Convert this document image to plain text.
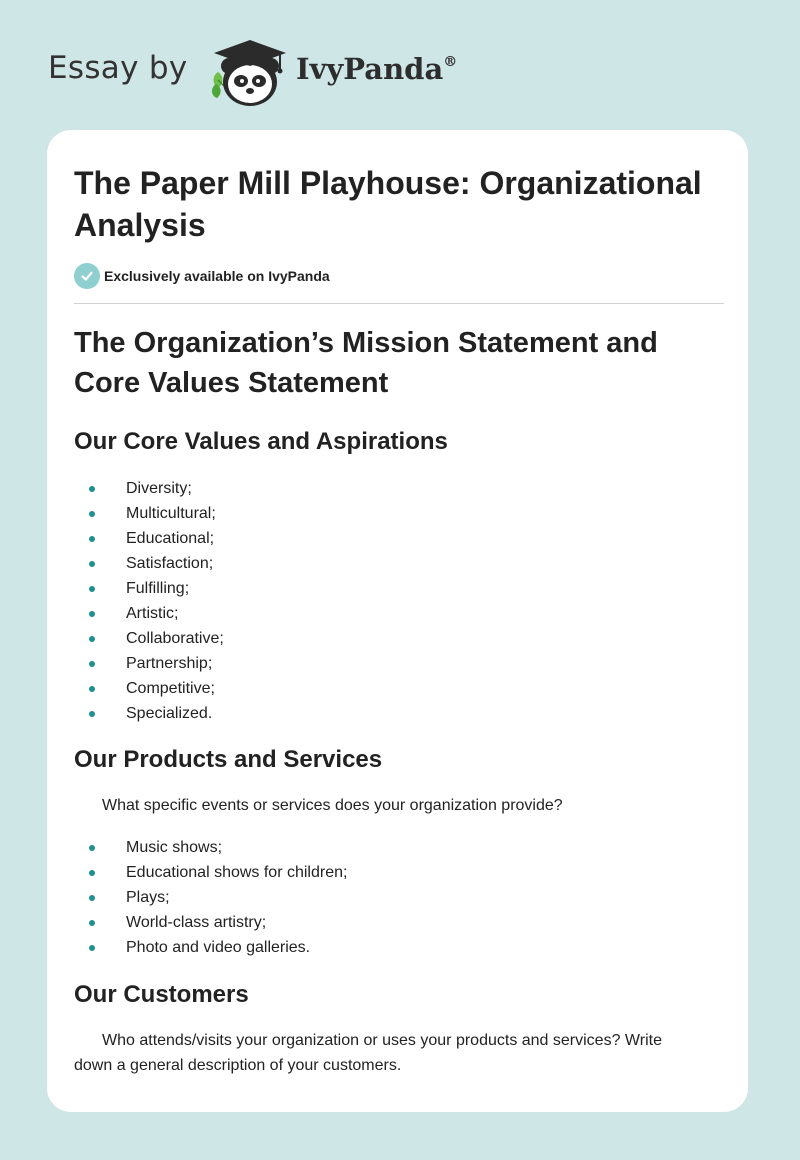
Essay by	IvyPanda®
The Paper Mill Playhouse: Organizational Analysis
Exclusively available on IvyPanda
The Organization’s Mission Statement and Core Values Statement
Our Core Values and Aspirations
Diversity;
Multicultural;
Educational;
Satisfaction;
Fulfilling;
Artistic;
Collaborative;
Partnership;
Competitive;
Specialized.
Our Products and Services

What specific events or services does your organization provide?

Music shows;
Educational shows for children;
Plays;
World-class artistry;
Photo and video galleries.
Our Customers

Who attends/visits your organization or uses your products and services? Write down a general description of your customers.
